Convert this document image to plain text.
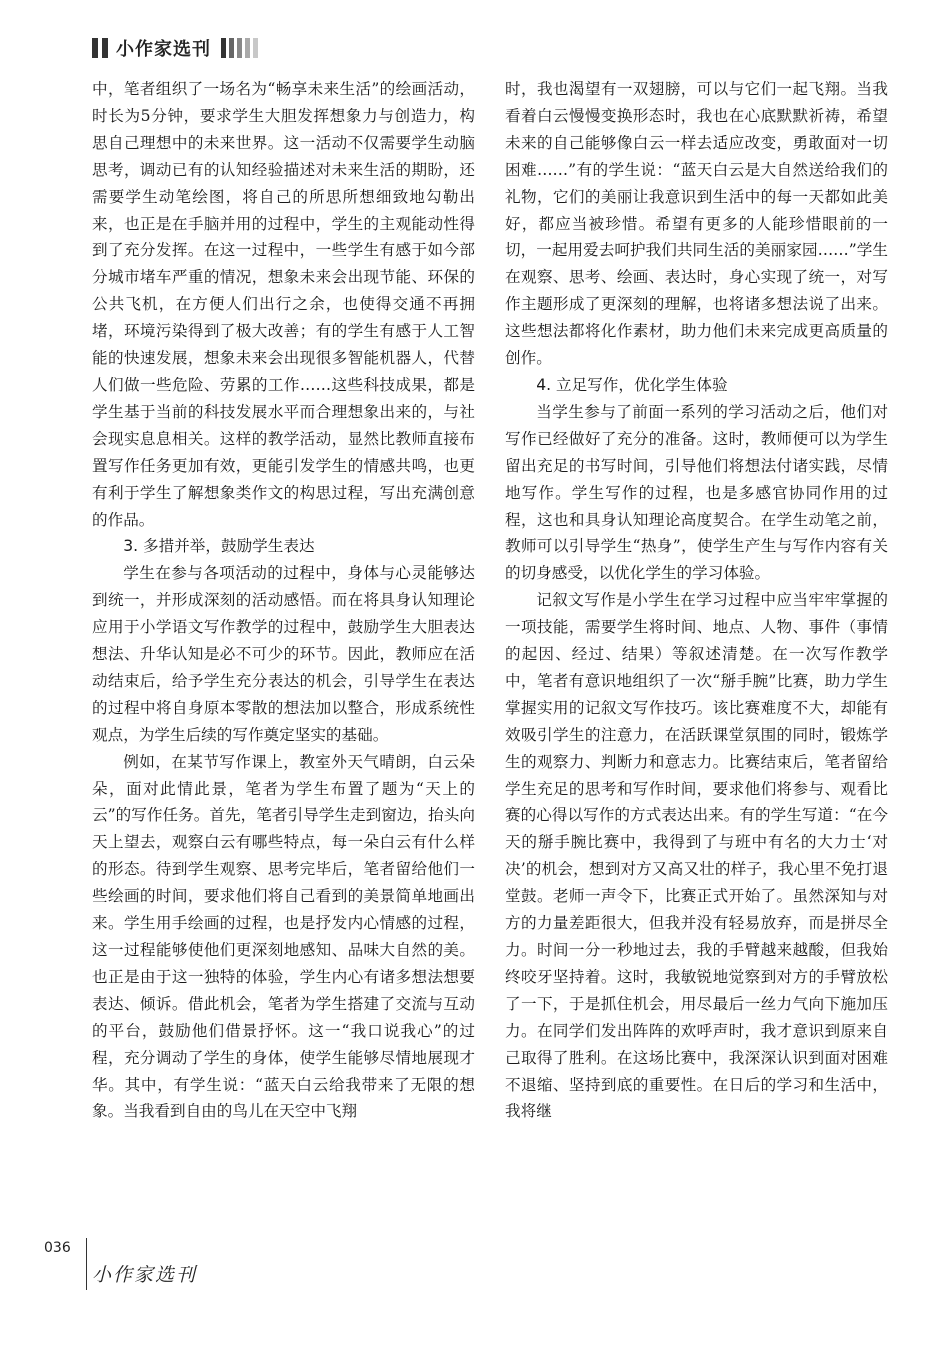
小作家选刊

中，笔者组织了一场名为“畅享未来生活”的绘画活动，时长为5分钟，要求学生大胆发挥想象力与创造力，构思自己理想中的未来世界。这一活动不仅需要学生动脑思考，调动已有的认知经验描述对未来生活的期盼，还需要学生动笔绘图，将自己的所思所想细致地勾勒出来，也正是在手脑并用的过程中，学生的主观能动性得到了充分发挥。在这一过程中，一些学生有感于如今部分城市堵车严重的情况，想象未来会出现节能、环保的公共飞机，在方便人们出行之余，也使得交通不再拥堵，环境污染得到了极大改善；有的学生有感于人工智能的快速发展，想象未来会出现很多智能机器人，代替人们做一些危险、劳累的工作……这些科技成果，都是学生基于当前的科技发展水平而合理想象出来的，与社会现实息息相关。这样的教学活动，显然比教师直接布置写作任务更加有效，更能引发学生的情感共鸣，也更有利于学生了解想象类作文的构思过程，写出充满创意的作品。

3. 多措并举，鼓励学生表达

学生在参与各项活动的过程中，身体与心灵能够达到统一，并形成深刻的活动感悟。而在将具身认知理论应用于小学语文写作教学的过程中，鼓励学生大胆表达想法、升华认知是必不可少的环节。因此，教师应在活动结束后，给予学生充分表达的机会，引导学生在表达的过程中将自身原本零散的想法加以整合，形成系统性观点，为学生后续的写作奠定坚实的基础。

例如，在某节写作课上，教室外天气晴朗，白云朵朵，面对此情此景，笔者为学生布置了题为“天上的云”的写作任务。首先，笔者引导学生走到窗边，抬头向天上望去，观察白云有哪些特点，每一朵白云有什么样的形态。待到学生观察、思考完毕后，笔者留给他们一些绘画的时间，要求他们将自己看到的美景简单地画出来。学生用手绘画的过程，也是抒发内心情感的过程，这一过程能够使他们更深刻地感知、品味大自然的美。也正是由于这一独特的体验，学生内心有诸多想法想要表达、倾诉。借此机会，笔者为学生搭建了交流与互动的平台，鼓励他们借景抒怀。这一“我口说我心”的过程，充分调动了学生的身体，使学生能够尽情地展现才华。其中，有学生说：“蓝天白云给我带来了无限的想象。当我看到自由的鸟儿在天空中飞翔

时，我也渴望有一双翅膀，可以与它们一起飞翔。当我看着白云慢慢变换形态时，我也在心底默默祈祷，希望未来的自己能够像白云一样去适应改变，勇敢面对一切困难……”有的学生说：“蓝天白云是大自然送给我们的礼物，它们的美丽让我意识到生活中的每一天都如此美好，都应当被珍惜。希望有更多的人能珍惜眼前的一切，一起用爱去呵护我们共同生活的美丽家园……”学生在观察、思考、绘画、表达时，身心实现了统一，对写作主题形成了更深刻的理解，也将诸多想法说了出来。这些想法都将化作素材，助力他们未来完成更高质量的创作。

4. 立足写作，优化学生体验

当学生参与了前面一系列的学习活动之后，他们对写作已经做好了充分的准备。这时，教师便可以为学生留出充足的书写时间，引导他们将想法付诸实践，尽情地写作。学生写作的过程，也是多感官协同作用的过程，这也和具身认知理论高度契合。在学生动笔之前，教师可以引导学生“热身”，使学生产生与写作内容有关的切身感受，以优化学生的学习体验。

记叙文写作是小学生在学习过程中应当牢牢掌握的一项技能，需要学生将时间、地点、人物、事件（事情的起因、经过、结果）等叙述清楚。在一次写作教学中，笔者有意识地组织了一次“掰手腕”比赛，助力学生掌握实用的记叙文写作技巧。该比赛难度不大，却能有效吸引学生的注意力，在活跃课堂氛围的同时，锻炼学生的观察力、判断力和意志力。比赛结束后，笔者留给学生充足的思考和写作时间，要求他们将参与、观看比赛的心得以写作的方式表达出来。有的学生写道：“在今天的掰手腕比赛中，我得到了与班中有名的大力士‘对决’的机会，想到对方又高又壮的样子，我心里不免打退堂鼓。老师一声令下，比赛正式开始了。虽然深知与对方的力量差距很大，但我并没有轻易放弃，而是拼尽全力。时间一分一秒地过去，我的手臂越来越酸，但我始终咬牙坚持着。这时，我敏锐地觉察到对方的手臂放松了一下，于是抓住机会，用尽最后一丝力气向下施加压力。在同学们发出阵阵的欢呼声时，我才意识到原来自己取得了胜利。在这场比赛中，我深深认识到面对困难不退缩、坚持到底的重要性。在日后的学习和生活中，我将继

036
小作家选刊
